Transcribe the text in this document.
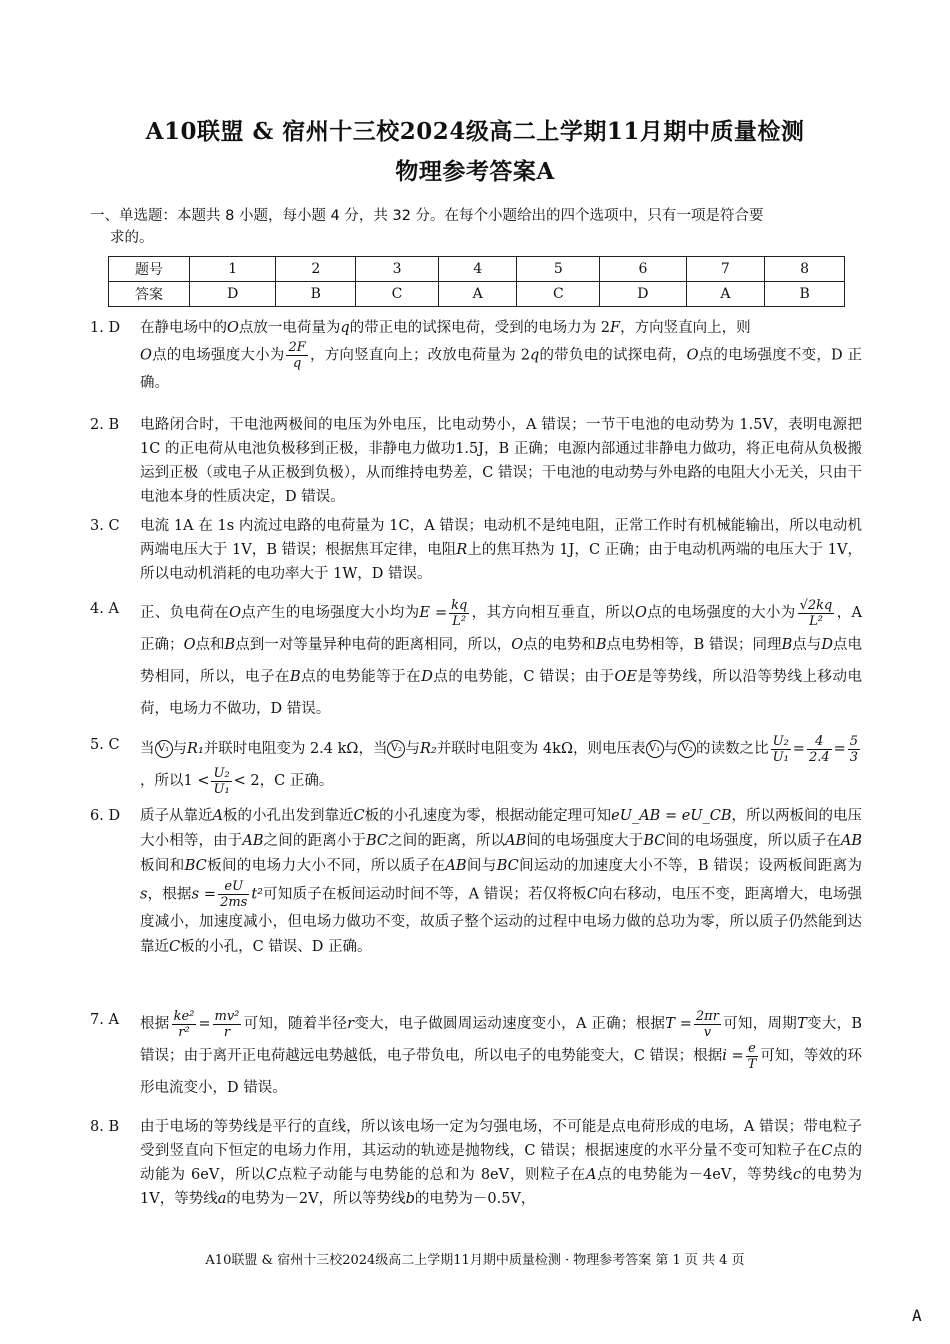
A10联盟 & 宿州十三校2024级高二上学期11月期中质量检测
物理参考答案A
一、单选题：本题共 8 小题，每小题 4 分，共 32 分。在每个小题给出的四个选项中，只有一项是符合要
求的。
题号	1	2	3	4	5	6	7	8
答案	D	B	C	A	C	D	A	B
1. D	在静电场中的O点放一电荷量为q的带正电的试探电荷，受到的电场力为 2F，方向竖直向上，则
O点的电场强度大小为 $\frac{2F}{q}$ ，方向竖直向上；改放电荷量为 2q的带负电的试探电荷，O点的电场强度不变，D 正确。
2. B	电路闭合时，干电池两极间的电压为外电压，比电动势小，A 错误；一节干电池的电动势为 1.5V，表明电源把 1C 的正电荷从电池负极移到正极，非静电力做功1.5J，B 正确；电源内部通过非静电力做功，将正电荷从负极搬运到正极（或电子从正极到负极），从而维持电势差，C 错误；干电池的电动势与外电路的电阻大小无关，只由干电池本身的性质决定，D 错误。
3. C	电流 1A 在 1s 内流过电路的电荷量为 1C，A 错误；电动机不是纯电阻，正常工作时有机械能输出，所以电动机两端电压大于 1V，B 错误；根据焦耳定律，电阻R上的焦耳热为 1J，C 正确；由于电动机两端的电压大于 1V，所以电动机消耗的电功率大于 1W，D 错误。
4. A	正、负电荷在O点产生的电场强度大小均为$E = \frac{kq}{\text{L²}}$ ，其方向相互垂直，所以O点的电场强度的大小为 $\frac{√2kq}{\text{L²}}$ ，A 正确；O点和B点到一对等量异种电荷的距离相同，所以，O点的电势和B点电势相等，B 错误；同理B点与D点电势相同，所以，电子在B点的电势能等于在D点的电势能，C 错误；由于OE是等势线，所以沿等势线上移动电荷，电场力不做功，D 错误。
5. C	当 V₁ 与R₁并联时电阻变为 2.4 kΩ，当 V₂ 与R₂并联时电阻变为 4kΩ，则电压表 V₁ 与 V₂ 的读数之比 $\frac{\text{U₂}}{\text{U₁}} = \frac{4}{2.4} = \frac{5}{3}$
，所以$1 < \frac{\text{U₂}}{\text{U₁}} < 2$，C 正确。
6. D	质子从靠近A板的小孔出发到靠近C板的小孔速度为零，根据动能定理可知eU_AB = eU_CB，所以两板间的电压大小相等，由于AB之间的距离小于BC之间的距离，所以AB间的电场强度大于BC间的电场强度，所以质子在AB板间和BC板间的电场力大小不同，所以质子在AB间与BC间运动的加速度大小不等，B 错误；设两板间距离为s，根据$s = \frac{eU}{2ms} t^2$可知质子在板间运动时间不等，A 错误；若仅将板C向右移动，电压不变，距离增大，电场强度减小，加速度减小，但电场力做功不变，故质子整个运动的过程中电场力做的总功为零，所以质子仍然能到达靠近C板的小孔，C 错误、D 正确。
7. A	根据 $\frac{\text{ke²}}{\text{r²}} = \frac{\text{mv²}}{r}$ 可知，随着半径r变大，电子做圆周运动速度变小，A 正确；根据$T = \frac{2\pi r}{v}$ 可知，周期T变大，B 错误；由于离开正电荷越远电势越低，电子带负电，所以电子的电势能变大，C 错误；根据$i = \frac{e}{T}$ 可知，等效的环形电流变小，D 错误。
8. B	由于电场的等势线是平行的直线，所以该电场一定为匀强电场，不可能是点电荷形成的电场，A 错误；带电粒子受到竖直向下恒定的电场力作用，其运动的轨迹是抛物线，C 错误；根据速度的水平分量不变可知粒子在C点的动能为 6eV，所以C点粒子动能与电势能的总和为 8eV，则粒子在A点的电势能为－4eV，等势线c的电势为 1V，等势线a的电势为－2V，所以等势线b的电势为－0.5V，
A10联盟 & 宿州十三校2024级高二上学期11月期中质量检测 · 物理参考答案 第 1 页 共 4 页
A
